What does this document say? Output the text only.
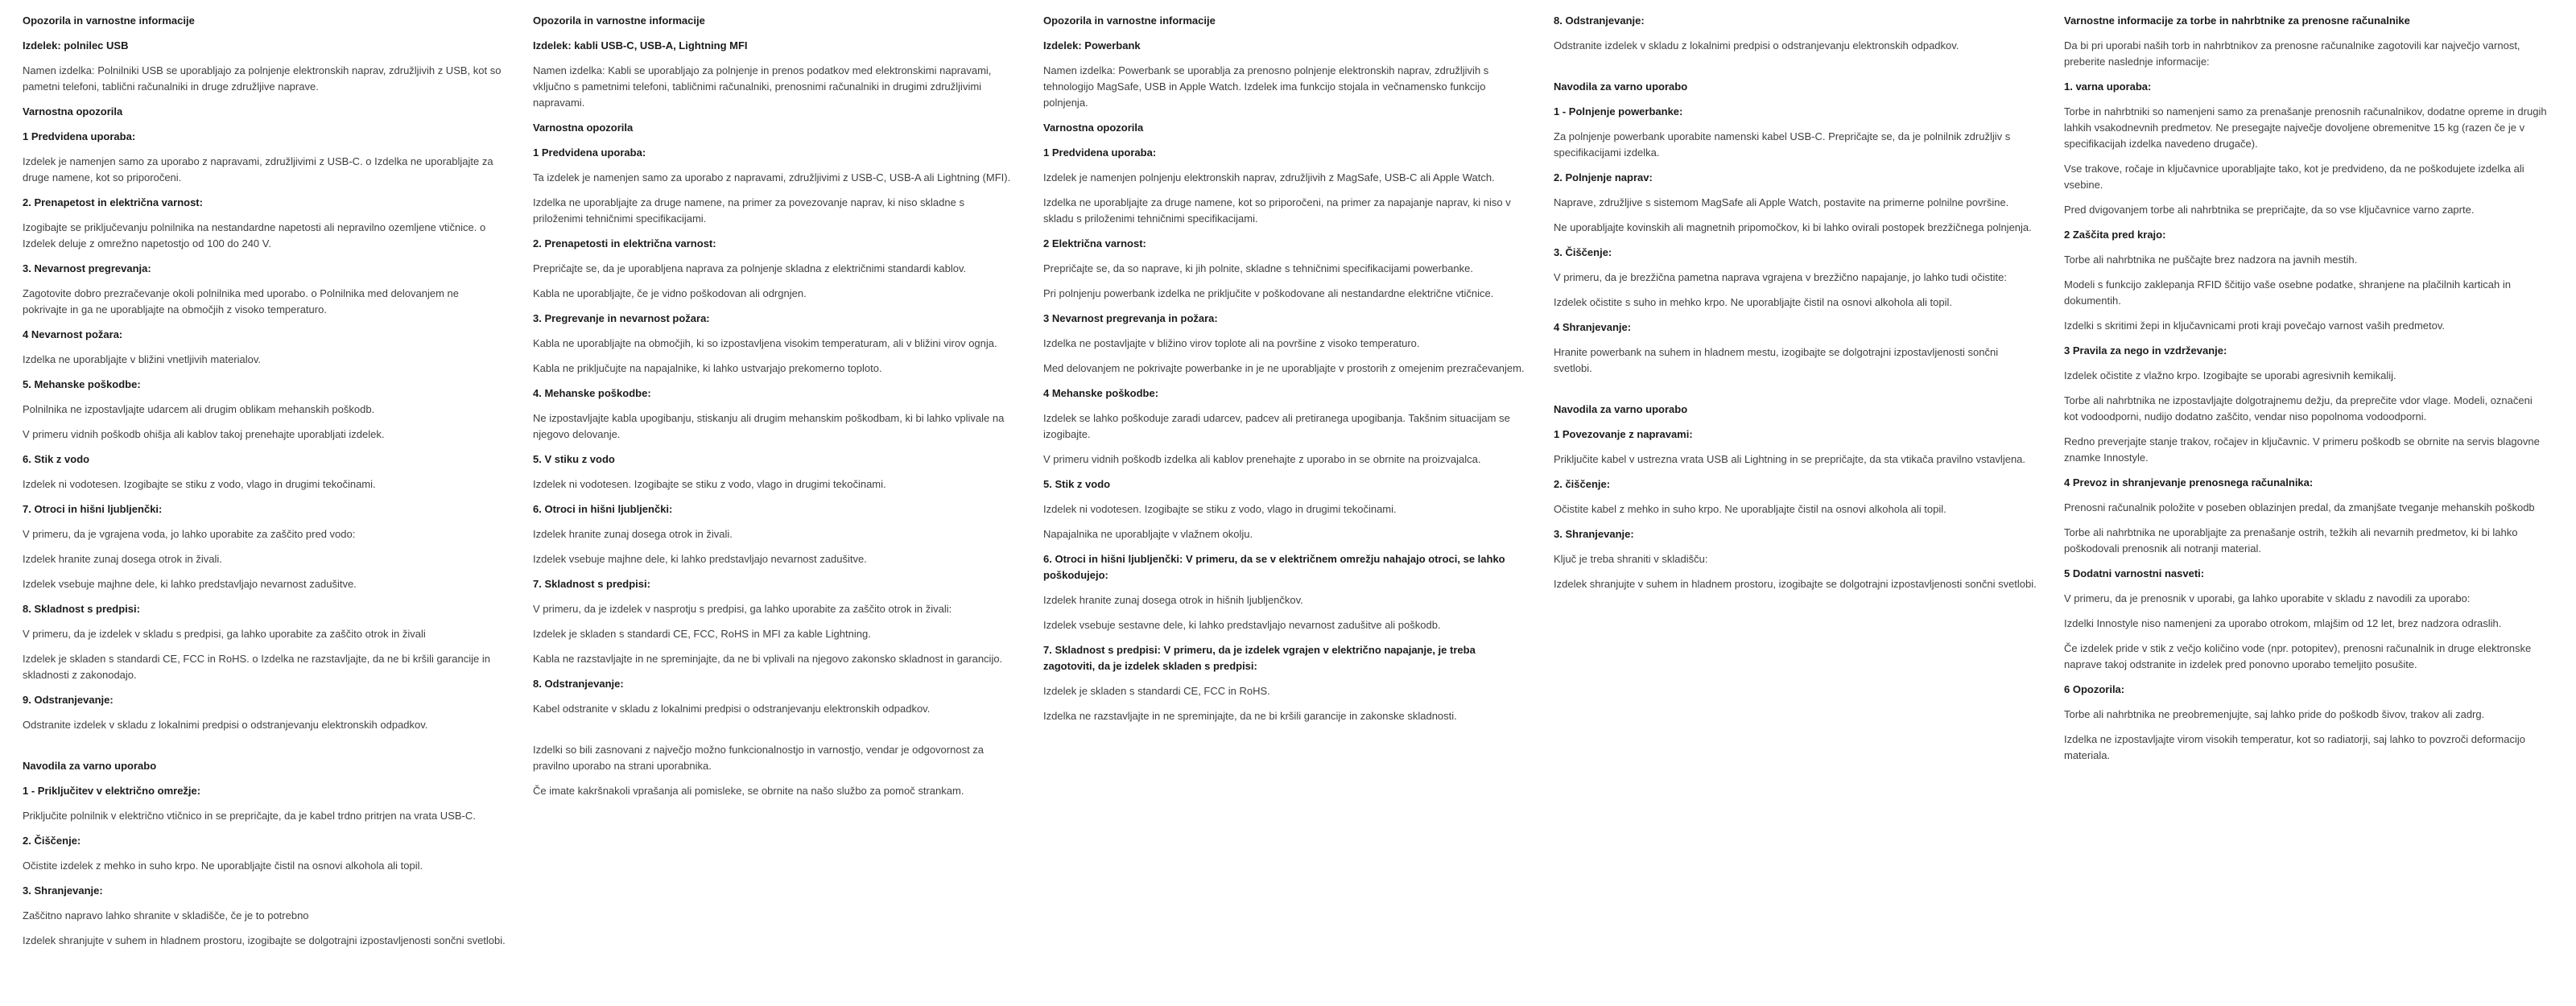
Opozorila in varnostne informacije
Izdelek: polnilec USB
Namen izdelka: Polnilniki USB se uporabljajo za polnjenje elektronskih naprav, združljivih z USB, kot so pametni telefoni, tablični računalniki in druge združljive naprave.
Varnostna opozorila
1 Predvidena uporaba:
Izdelek je namenjen samo za uporabo z napravami, združljivimi z USB-C. o Izdelka ne uporabljajte za druge namene, kot so priporočeni.
2. Prenapetost in električna varnost:
Izogibajte se priključevanju polnilnika na nestandardne napetosti ali nepravilno ozemljene vtičnice. o Izdelek deluje z omrežno napetostjo od 100 do 240 V.
3. Nevarnost pregrevanja:
Zagotovite dobro prezračevanje okoli polnilnika med uporabo. o Polnilnika med delovanjem ne pokrivajte in ga ne uporabljajte na območjih z visoko temperaturo.
4 Nevarnost požara:
Izdelka ne uporabljajte v bližini vnetljivih materialov.
5. Mehanske poškodbe:
Polnilnika ne izpostavljajte udarcem ali drugim oblikam mehanskih poškodb.
V primeru vidnih poškodb ohišja ali kablov takoj prenehajte uporabljati izdelek.
6. Stik z vodo
Izdelek ni vodotesen. Izogibajte se stiku z vodo, vlago in drugimi tekočinami.
7. Otroci in hišni ljubljenčki:
V primeru, da je vgrajena voda, jo lahko uporabite za zaščito pred vodo:
Izdelek hranite zunaj dosega otrok in živali.
Izdelek vsebuje majhne dele, ki lahko predstavljajo nevarnost zadušitve.
8. Skladnost s predpisi:
V primeru, da je izdelek v skladu s predpisi, ga lahko uporabite za zaščito otrok in živali
Izdelek je skladen s standardi CE, FCC in RoHS. o Izdelka ne razstavljajte, da ne bi kršili garancije in skladnosti z zakonodajo.
9. Odstranjevanje:
Odstranite izdelek v skladu z lokalnimi predpisi o odstranjevanju elektronskih odpadkov.
Navodila za varno uporabo
1 - Priključitev v električno omrežje:
Priključite polnilnik v električno vtičnico in se prepričajte, da je kabel trdno pritrjen na vrata USB-C.
2. Čiščenje:
Očistite izdelek z mehko in suho krpo. Ne uporabljajte čistil na osnovi alkohola ali topil.
3. Shranjevanje:
Zaščitno napravo lahko shranite v skladišče, če je to potrebno
Izdelek shranjujte v suhem in hladnem prostoru, izogibajte se dolgotrajni izpostavljenosti sončni svetlobi.
Opozorila in varnostne informacije
Izdelek: kabli USB-C, USB-A, Lightning MFI
Namen izdelka: Kabli se uporabljajo za polnjenje in prenos podatkov med elektronskimi napravami, vključno s pametnimi telefoni, tabličnimi računalniki, prenosnimi računalniki in drugimi združljivimi napravami.
Varnostna opozorila
1 Predvidena uporaba:
Ta izdelek je namenjen samo za uporabo z napravami, združljivimi z USB-C, USB-A ali Lightning (MFI).
Izdelka ne uporabljajte za druge namene, na primer za povezovanje naprav, ki niso skladne s priloženimi tehničnimi specifikacijami.
2. Prenapetosti in električna varnost:
Prepričajte se, da je uporabljena naprava za polnjenje skladna z električnimi standardi kablov.
Kabla ne uporabljajte, če je vidno poškodovan ali odrgnjen.
3. Pregrevanje in nevarnost požara:
Kabla ne uporabljajte na območjih, ki so izpostavljena visokim temperaturam, ali v bližini virov ognja.
Kabla ne priključujte na napajalnike, ki lahko ustvarjajo prekomerno toploto.
4. Mehanske poškodbe:
Ne izpostavljajte kabla upogibanju, stiskanju ali drugim mehanskim poškodbam, ki bi lahko vplivale na njegovo delovanje.
5. V stiku z vodo
Izdelek ni vodotesen. Izogibajte se stiku z vodo, vlago in drugimi tekočinami.
6. Otroci in hišni ljubljenčki:
Izdelek hranite zunaj dosega otrok in živali.
Izdelek vsebuje majhne dele, ki lahko predstavljajo nevarnost zadušitve.
7. Skladnost s predpisi:
V primeru, da je izdelek v nasprotju s predpisi, ga lahko uporabite za zaščito otrok in živali:
Izdelek je skladen s standardi CE, FCC, RoHS in MFI za kable Lightning.
Kabla ne razstavljajte in ne spreminjajte, da ne bi vplivali na njegovo zakonsko skladnost in garancijo.
8. Odstranjevanje:
Kabel odstranite v skladu z lokalnimi predpisi o odstranjevanju elektronskih odpadkov.
Izdelki so bili zasnovani z največjo možno funkcionalnostjo in varnostjo, vendar je odgovornost za pravilno uporabo na strani uporabnika.
Če imate kakršnakoli vprašanja ali pomisleke, se obrnite na našo službo za pomoč strankam.
Opozorila in varnostne informacije
Izdelek: Powerbank
Namen izdelka: Powerbank se uporablja za prenosno polnjenje elektronskih naprav, združljivih s tehnologijo MagSafe, USB in Apple Watch. Izdelek ima funkcijo stojala in večnamensko funkcijo polnjenja.
Varnostna opozorila
1 Predvidena uporaba:
Izdelek je namenjen polnjenju elektronskih naprav, združljivih z MagSafe, USB-C ali Apple Watch.
Izdelka ne uporabljajte za druge namene, kot so priporočeni, na primer za napajanje naprav, ki niso v skladu s priloženimi tehničnimi specifikacijami.
2 Električna varnost:
Prepričajte se, da so naprave, ki jih polnite, skladne s tehničnimi specifikacijami powerbanke.
Pri polnjenju powerbank izdelka ne priključite v poškodovane ali nestandardne električne vtičnice.
3 Nevarnost pregrevanja in požara:
Izdelka ne postavljajte v bližino virov toplote ali na površine z visoko temperaturo.
Med delovanjem ne pokrivajte powerbanke in je ne uporabljajte v prostorih z omejenim prezračevanjem.
4 Mehanske poškodbe:
Izdelek se lahko poškoduje zaradi udarcev, padcev ali pretiranega upogibanja. Takšnim situacijam se izogibajte.
V primeru vidnih poškodb izdelka ali kablov prenehajte z uporabo in se obrnite na proizvajalca.
5. Stik z vodo
Izdelek ni vodotesen. Izogibajte se stiku z vodo, vlago in drugimi tekočinami.
Napajalnika ne uporabljajte v vlažnem okolju.
6. Otroci in hišni ljubljenčki: V primeru, da se v električnem omrežju nahajajo otroci, se lahko poškodujejo:
Izdelek hranite zunaj dosega otrok in hišnih ljubljenčkov.
Izdelek vsebuje sestavne dele, ki lahko predstavljajo nevarnost zadušitve ali poškodb.
7. Skladnost s predpisi: V primeru, da je izdelek vgrajen v električno napajanje, je treba zagotoviti, da je izdelek skladen s predpisi:
Izdelek je skladen s standardi CE, FCC in RoHS.
Izdelka ne razstavljajte in ne spreminjajte, da ne bi kršili garancije in zakonske skladnosti.
8. Odstranjevanje:
Odstranite izdelek v skladu z lokalnimi predpisi o odstranjevanju elektronskih odpadkov.
Navodila za varno uporabo
1 - Polnjenje powerbanke:
Za polnjenje powerbank uporabite namenski kabel USB-C. Prepričajte se, da je polnilnik združljiv s specifikacijami izdelka.
2. Polnjenje naprav:
Naprave, združljive s sistemom MagSafe ali Apple Watch, postavite na primerne polnilne površine.
Ne uporabljajte kovinskih ali magnetnih pripomočkov, ki bi lahko ovirali postopek brezžičnega polnjenja.
3. Čiščenje:
V primeru, da je brezžična pametna naprava vgrajena v brezžično napajanje, jo lahko tudi očistite:
Izdelek očistite s suho in mehko krpo. Ne uporabljajte čistil na osnovi alkohola ali topil.
4 Shranjevanje:
Hranite powerbank na suhem in hladnem mestu, izogibajte se dolgotrajni izpostavljenosti sončni svetlobi.
Navodila za varno uporabo
1 Povezovanje z napravami:
Priključite kabel v ustrezna vrata USB ali Lightning in se prepričajte, da sta vtikača pravilno vstavljena.
2. čiščenje:
Očistite kabel z mehko in suho krpo. Ne uporabljajte čistil na osnovi alkohola ali topil.
3. Shranjevanje:
Ključ je treba shraniti v skladišču:
Izdelek shranjujte v suhem in hladnem prostoru, izogibajte se dolgotrajni izpostavljenosti sončni svetlobi.
Varnostne informacije za torbe in nahrbtnike za prenosne računalnike
Da bi pri uporabi naših torb in nahrbtnikov za prenosne računalnike zagotovili kar največjo varnost, preberite naslednje informacije:
1. varna uporaba:
Torbe in nahrbtniki so namenjeni samo za prenašanje prenosnih računalnikov, dodatne opreme in drugih lahkih vsakodnevnih predmetov. Ne presegajte največje dovoljene obremenitve 15 kg (razen če je v specifikacijah izdelka navedeno drugače).
Vse trakove, ročaje in ključavnice uporabljajte tako, kot je predvideno, da ne poškodujete izdelka ali vsebine.
Pred dvigovanjem torbe ali nahrbtnika se prepričajte, da so vse ključavnice varno zaprte.
2 Zaščita pred krajo:
Torbe ali nahrbtnika ne puščajte brez nadzora na javnih mestih.
Modeli s funkcijo zaklepanja RFID ščitijo vaše osebne podatke, shranjene na plačilnih karticah in dokumentih.
Izdelki s skritimi žepi in ključavnicami proti kraji povečajo varnost vaših predmetov.
3 Pravila za nego in vzdrževanje:
Izdelek očistite z vlažno krpo. Izogibajte se uporabi agresivnih kemikalij.
Torbe ali nahrbtnika ne izpostavljajte dolgotrajnemu dežju, da preprečite vdor vlage. Modeli, označeni kot vodoodporni, nudijo dodatno zaščito, vendar niso popolnoma vodoodporni.
Redno preverjajte stanje trakov, ročajev in ključavnic. V primeru poškodb se obrnite na servis blagovne znamke Innostyle.
4 Prevoz in shranjevanje prenosnega računalnika:
Prenosni računalnik položite v poseben oblazinjen predal, da zmanjšate tveganje mehanskih poškodb
Torbe ali nahrbtnika ne uporabljajte za prenašanje ostrih, težkih ali nevarnih predmetov, ki bi lahko poškodovali prenosnik ali notranji material.
5 Dodatni varnostni nasveti:
V primeru, da je prenosnik v uporabi, ga lahko uporabite v skladu z navodili za uporabo:
Izdelki Innostyle niso namenjeni za uporabo otrokom, mlajšim od 12 let, brez nadzora odraslih.
Če izdelek pride v stik z večjo količino vode (npr. potopitev), prenosni računalnik in druge elektronske naprave takoj odstranite in izdelek pred ponovno uporabo temeljito posušite.
6 Opozorila:
Torbe ali nahrbtnika ne preobremenjujte, saj lahko pride do poškodb šivov, trakov ali zadrg.
Izdelka ne izpostavljajte virom visokih temperatur, kot so radiatorji, saj lahko to povzroči deformacijo materiala.
